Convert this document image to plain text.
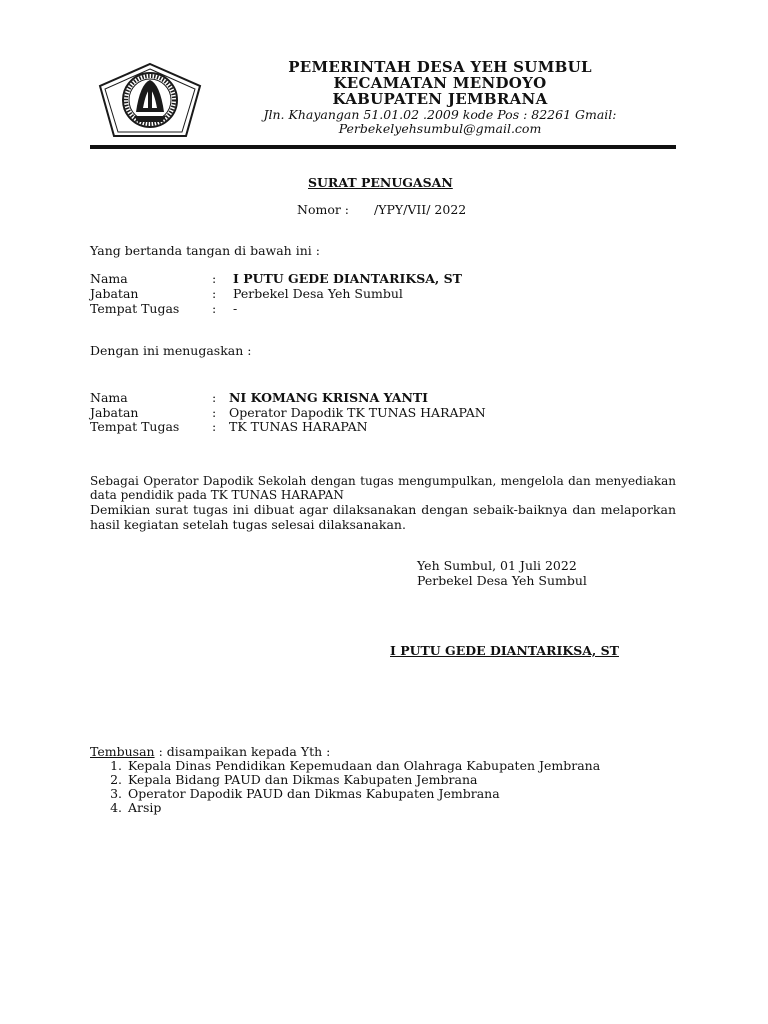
PEMERINTAH DESA YEH SUMBUL
KECAMATAN MENDOYO
KABUPATEN JEMBRANA
Jln. Khayangan 51.01.02 .2009 kode Pos : 82261 Gmail:
Perbekelyehsumbul@gmail.com
SURAT PENUGASAN
Nomor : /YPY/VII/ 2022
Yang bertanda tangan di bawah ini :
Nama	: I PUTU GEDE DIANTARIKSA, ST
Jabatan	: Perbekel Desa Yeh Sumbul
Tempat Tugas	: -
Dengan ini menugaskan :
Nama	: NI KOMANG KRISNA YANTI
Jabatan	: Operator Dapodik TK TUNAS HARAPAN
Tempat Tugas	: TK TUNAS HARAPAN
Sebagai Operator Dapodik Sekolah dengan tugas mengumpulkan, mengelola dan menyediakan data pendidik pada TK TUNAS HARAPAN
Demikian surat tugas ini dibuat agar dilaksanakan dengan sebaik-baiknya dan melaporkan hasil kegiatan setelah tugas selesai dilaksanakan.
Yeh Sumbul, 01 Juli 2022
Perbekel Desa Yeh Sumbul
I PUTU GEDE DIANTARIKSA, ST
Tembusan : disampaikan kepada Yth :
1. Kepala Dinas Pendidikan Kepemudaan dan Olahraga Kabupaten Jembrana
2. Kepala Bidang PAUD dan Dikmas Kabupaten Jembrana
3. Operator Dapodik PAUD dan Dikmas Kabupaten Jembrana
4. Arsip
